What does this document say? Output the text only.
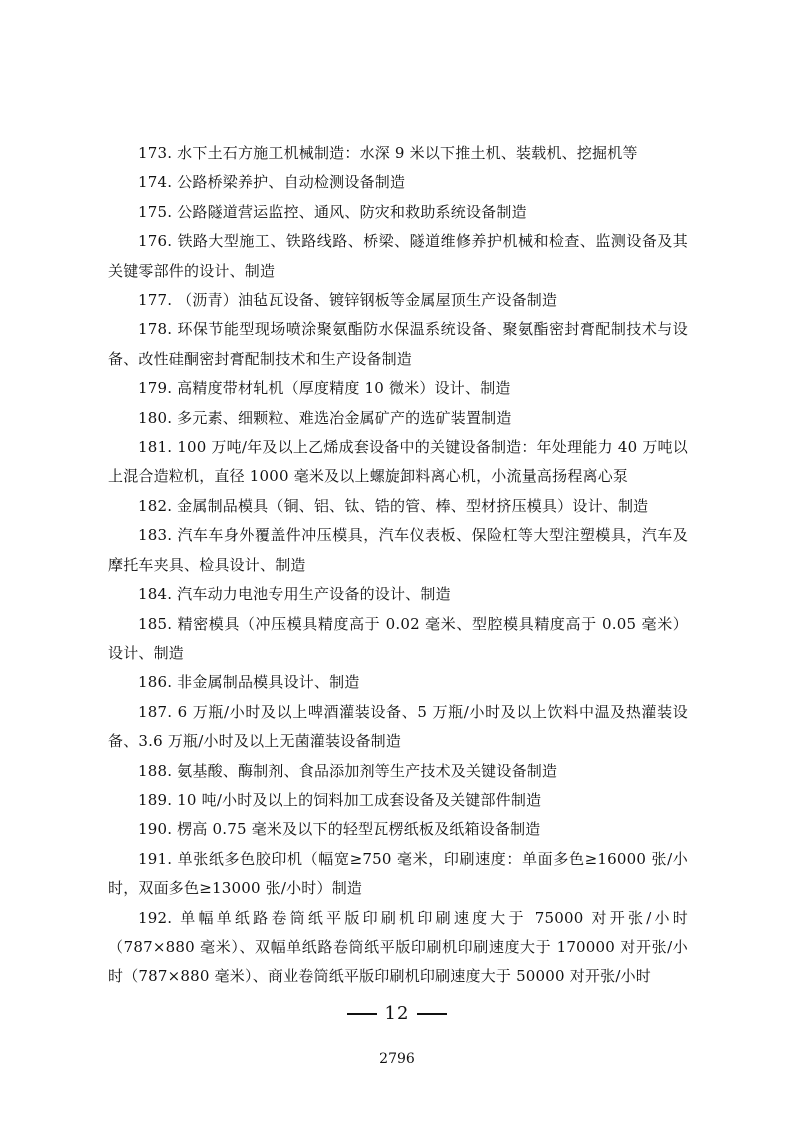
173. 水下土石方施工机械制造：水深 9 米以下推土机、装载机、挖掘机等

174. 公路桥梁养护、自动检测设备制造

175. 公路隧道营运监控、通风、防灾和救助系统设备制造

176. 铁路大型施工、铁路线路、桥梁、隧道维修养护机械和检查、监测设备及其关键零部件的设计、制造

177. （沥青）油毡瓦设备、镀锌钢板等金属屋顶生产设备制造

178. 环保节能型现场喷涂聚氨酯防水保温系统设备、聚氨酯密封膏配制技术与设备、改性硅酮密封膏配制技术和生产设备制造

179. 高精度带材轧机（厚度精度 10 微米）设计、制造

180. 多元素、细颗粒、难选冶金属矿产的选矿装置制造

181. 100 万吨/年及以上乙烯成套设备中的关键设备制造：年处理能力 40 万吨以上混合造粒机，直径 1000 毫米及以上螺旋卸料离心机，小流量高扬程离心泵

182. 金属制品模具（铜、铝、钛、锆的管、棒、型材挤压模具）设计、制造

183. 汽车车身外覆盖件冲压模具，汽车仪表板、保险杠等大型注塑模具，汽车及摩托车夹具、检具设计、制造

184. 汽车动力电池专用生产设备的设计、制造

185. 精密模具（冲压模具精度高于 0.02 毫米、型腔模具精度高于 0.05 毫米）设计、制造

186. 非金属制品模具设计、制造

187. 6 万瓶/小时及以上啤酒灌装设备、5 万瓶/小时及以上饮料中温及热灌装设备、3.6 万瓶/小时及以上无菌灌装设备制造

188. 氨基酸、酶制剂、食品添加剂等生产技术及关键设备制造

189. 10 吨/小时及以上的饲料加工成套设备及关键部件制造

190. 楞高 0.75 毫米及以下的轻型瓦楞纸板及纸箱设备制造

191. 单张纸多色胶印机（幅宽≥750 毫米，印刷速度：单面多色≥16000 张/小时，双面多色≥13000 张/小时）制造

192. 单幅单纸路卷筒纸平版印刷机印刷速度大于 75000 对开张/小时（787×880 毫米）、双幅单纸路卷筒纸平版印刷机印刷速度大于 170000 对开张/小时（787×880 毫米）、商业卷筒纸平版印刷机印刷速度大于 50000 对开张/小时

12
2796
